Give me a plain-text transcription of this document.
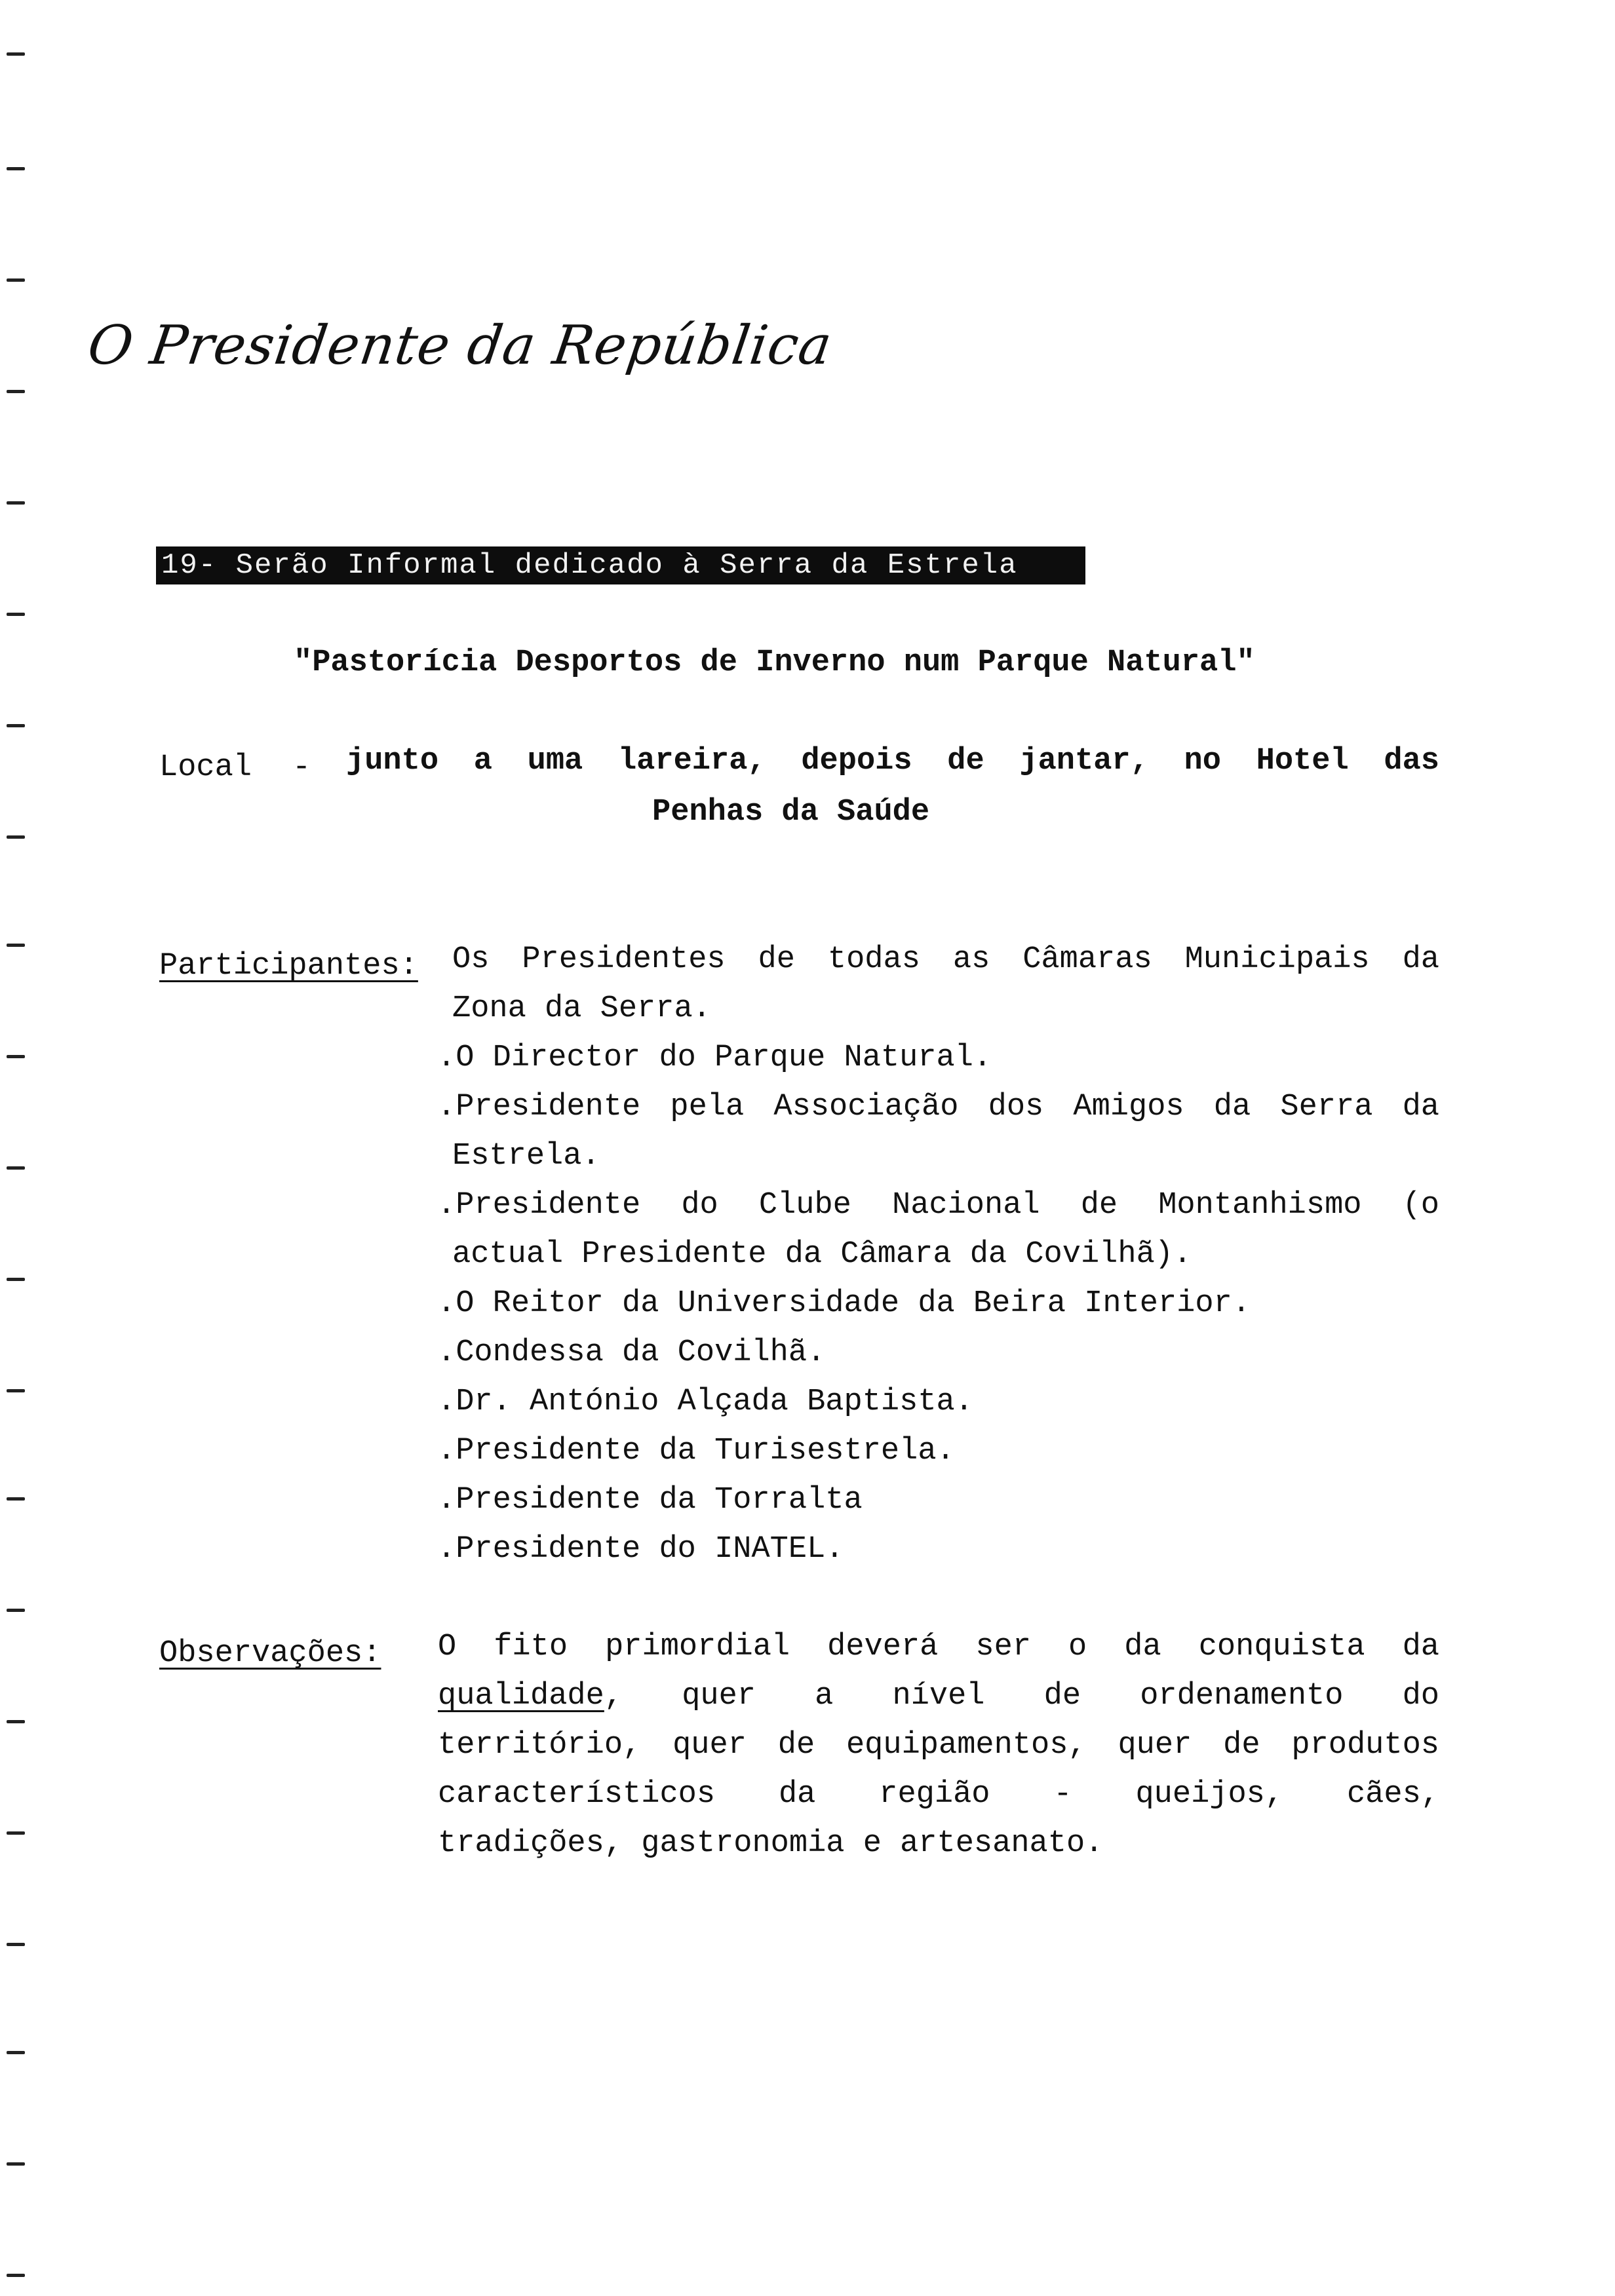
O Presidente da República
19- Serão Informal dedicado à Serra da Estrela
"Pastorícia Desportos de Inverno num Parque Natural"
Local - junto a uma lareira, depois de jantar, no Hotel das
Penhas da Saúde
Participantes: Os Presidentes de todas as Câmaras Municipais da
Zona da Serra.
.O Director do Parque Natural.
.Presidente pela Associação dos Amigos da Serra da
Estrela.
.Presidente do Clube Nacional de Montanhismo (o
actual Presidente da Câmara da Covilhã).
.O Reitor da Universidade da Beira Interior.
.Condessa da Covilhã.
.Dr. António Alçada Baptista.
.Presidente da Turisestrela.
.Presidente da Torralta
.Presidente do INATEL.
Observações: O fito primordial deverá ser o da conquista da
qualidade , quer a nível de ordenamento do
território, quer de equipamentos, quer de produtos
característicos da região - queijos, cães,
tradições, gastronomia e artesanato.
